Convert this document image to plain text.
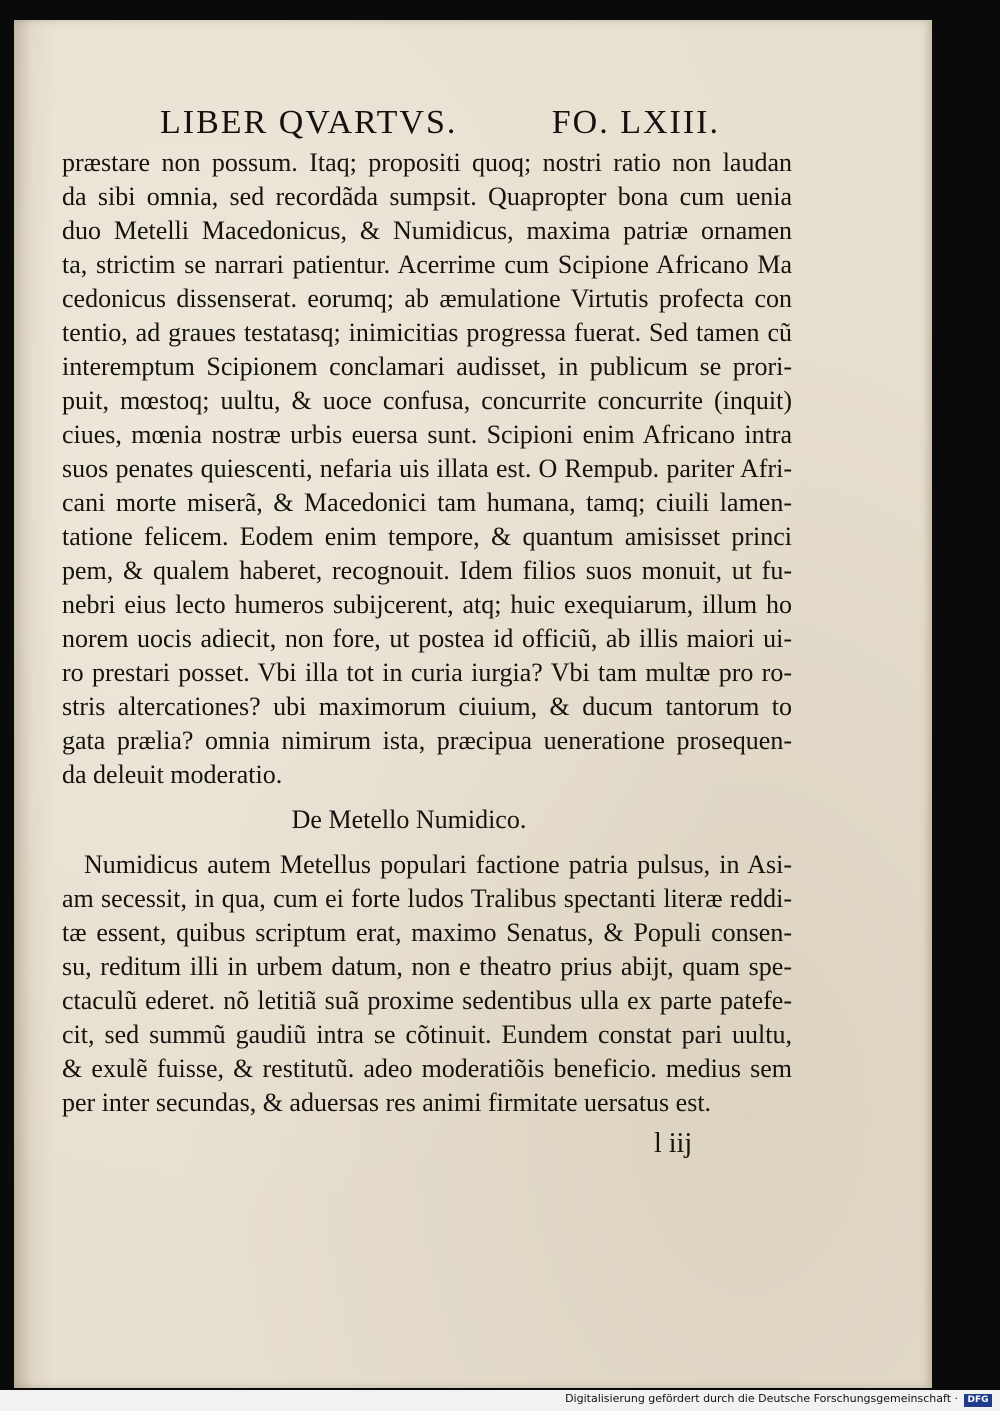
LIBER QVARTVS.	FO. LXIII.
præstare non possum. Itaq; propositi quoq; nostri ratio non laudan
da sibi omnia, sed recordãda sumpsit. Quapropter bona cum uenia
duo Metelli Macedonicus, & Numidicus, maxima patriæ ornamen
ta, strictim se narrari patientur. Acerrime cum Scipione Africano Ma
cedonicus dissenserat. eorumq; ab æmulatione Virtutis profecta con
tentio, ad graues testatasq; inimicitias progressa fuerat. Sed tamen cũ
interemptum Scipionem conclamari audisset, in publicum se prori-
puit, mœstoq; uultu, & uoce confusa, concurrite concurrite (inquit)
ciues, mœnia nostræ urbis euersa sunt. Scipioni enim Africano intra
suos penates quiescenti, nefaria uis illata est. O Rempub. pariter Afri-
cani morte miserã, & Macedonici tam humana, tamq; ciuili lamen-
tatione felicem. Eodem enim tempore, & quantum amisisset princi
pem, & qualem haberet, recognouit. Idem filios suos monuit, ut fu-
nebri eius lecto humeros subijcerent, atq; huic exequiarum, illum ho
norem uocis adiecit, non fore, ut postea id officiũ, ab illis maiori ui-
ro prestari posset. Vbi illa tot in curia iurgia? Vbi tam multæ pro ro-
stris altercationes? ubi maximorum ciuium, & ducum tantorum to
gata prælia? omnia nimirum ista, præcipua ueneratione prosequen-
da deleuit moderatio.
De Metello Numidico.
Numidicus autem Metellus populari factione patria pulsus, in Asi-
am secessit, in qua, cum ei forte ludos Tralibus spectanti literæ reddi-
tæ essent, quibus scriptum erat, maximo Senatus, & Populi consen-
su, reditum illi in urbem datum, non e theatro prius abijt, quam spe-
ctaculũ ederet. nõ letitiã suã proxime sedentibus ulla ex parte patefe-
cit, sed summũ gaudiũ intra se cõtinuit. Eundem constat pari uultu,
& exulẽ fuisse, & restitutũ. adeo moderatiõis beneficio. medius sem
per inter secundas, & aduersas res animi firmitate uersatus est.
l iij
Digitalisierung gefördert durch die Deutsche Forschungsgemeinschaft ·	DFG
